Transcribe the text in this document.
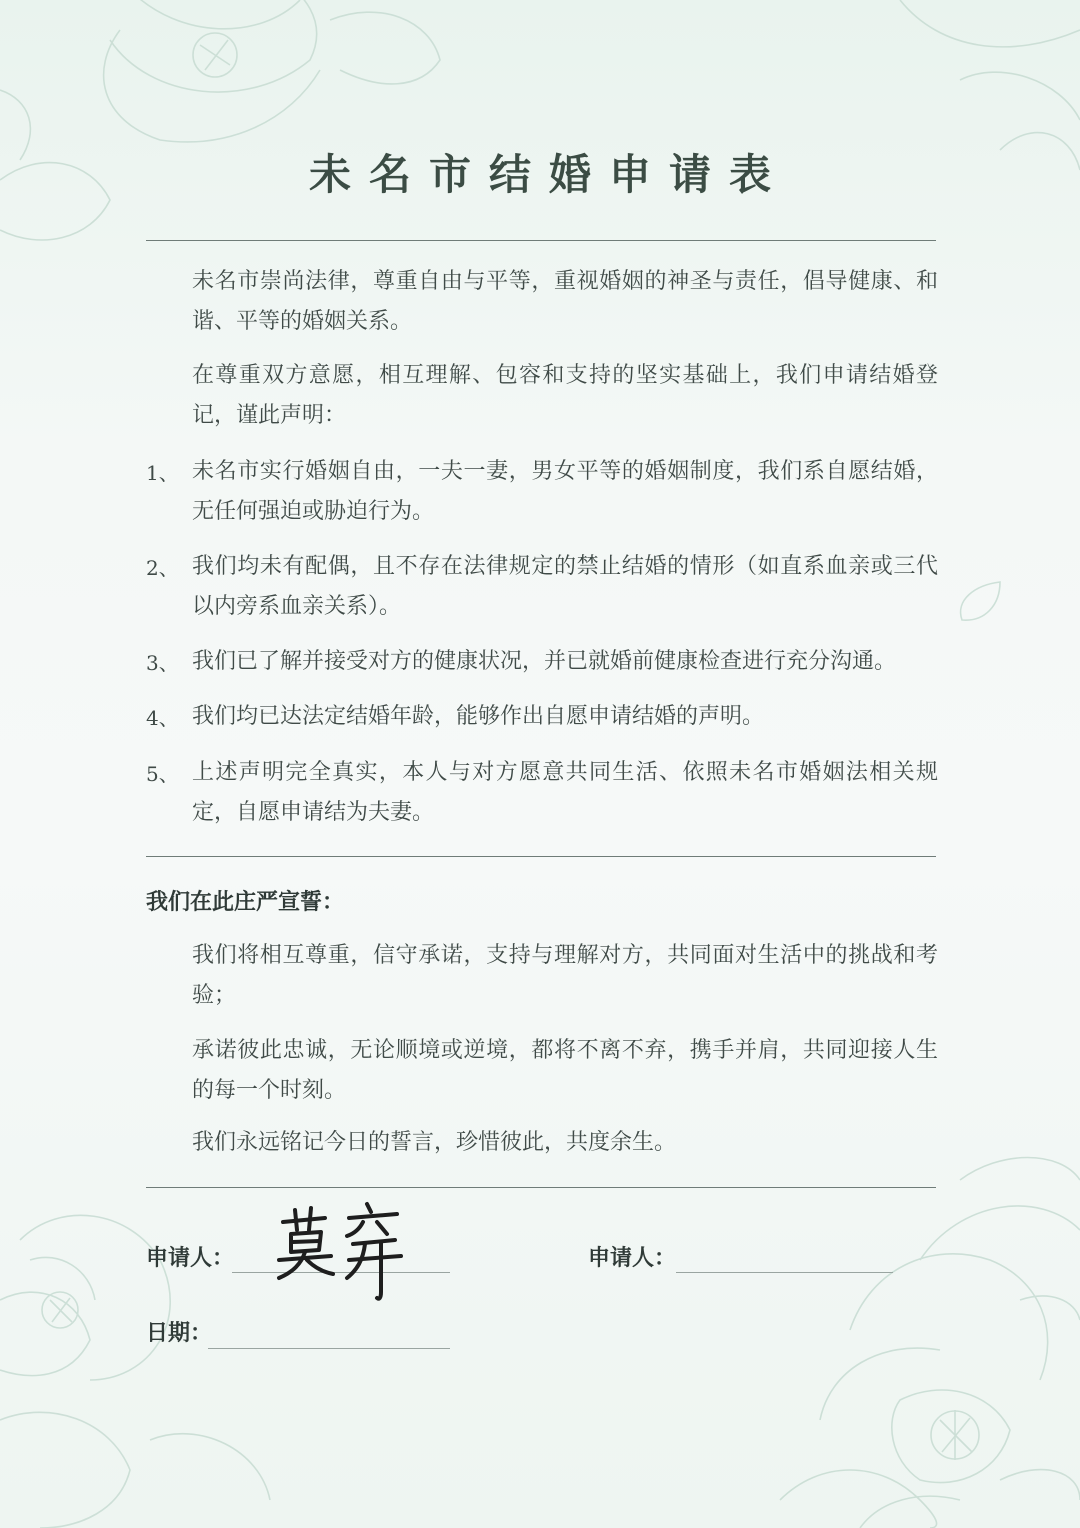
未名市结婚申请表
未名市崇尚法律，尊重自由与平等，重视婚姻的神圣与责任，倡导健康、和谐、平等的婚姻关系。
在尊重双方意愿，相互理解、包容和支持的坚实基础上，我们申请结婚登记，谨此声明：
1、 未名市实行婚姻自由，一夫一妻，男女平等的婚姻制度，我们系自愿结婚，无任何强迫或胁迫行为。
2、 我们均未有配偶，且不存在法律规定的禁止结婚的情形（如直系血亲或三代以内旁系血亲关系）。
3、 我们已了解并接受对方的健康状况，并已就婚前健康检查进行充分沟通。
4、 我们均已达法定结婚年龄，能够作出自愿申请结婚的声明。
5、 上述声明完全真实，本人与对方愿意共同生活、依照未名市婚姻法相关规定，自愿申请结为夫妻。
我们在此庄严宣誓：
我们将相互尊重，信守承诺，支持与理解对方，共同面对生活中的挑战和考验；
承诺彼此忠诚，无论顺境或逆境，都将不离不弃，携手并肩，共同迎接人生的每一个时刻。
我们永远铭记今日的誓言，珍惜彼此，共度余生。
申请人：	申请人：
日期：
